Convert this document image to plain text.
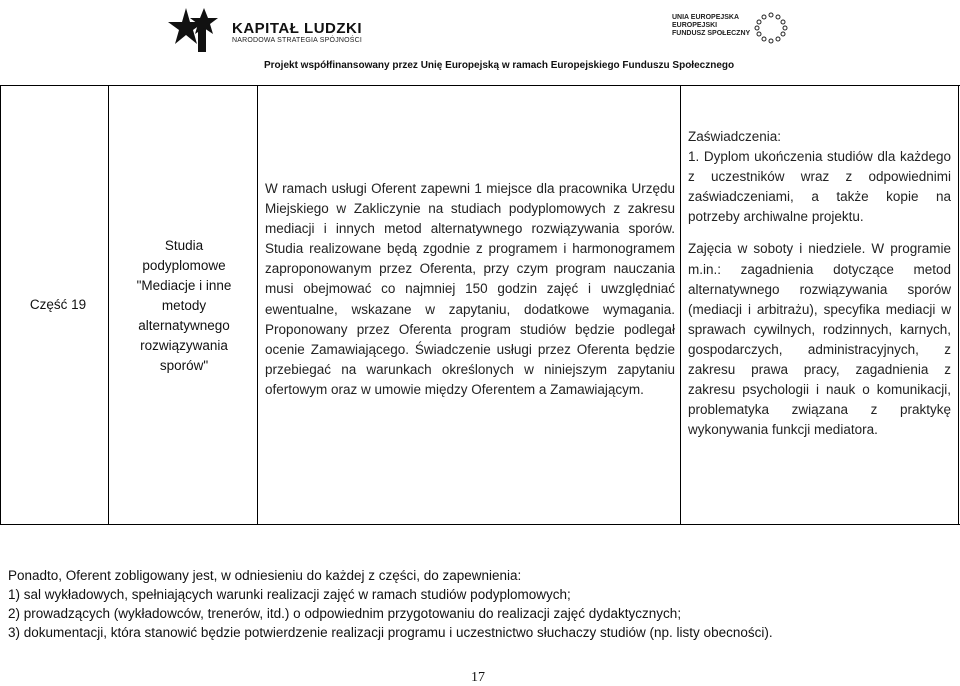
KAPITAŁ LUDZKI
NARODOWA STRATEGIA SPÓJNOŚCI
UNIA EUROPEJSKA
EUROPEJSKI
FUNDUSZ SPOŁECZNY
Projekt współfinansowany przez Unię Europejską w ramach Europejskiego Funduszu Społecznego
Część 19
Studia podyplomowe "Mediacje i inne metody alternatywnego rozwiązywania sporów"
W ramach usługi Oferent zapewni 1 miejsce dla pracownika Urzędu Miejskiego w Zakliczynie na studiach podyplomowych z zakresu mediacji i innych metod alternatywnego rozwiązywania sporów. Studia realizowane będą zgodnie z programem i harmonogramem zaproponowanym przez Oferenta, przy czym program nauczania musi obejmować co najmniej 150 godzin zajęć i uwzględniać ewentualne, wskazane w zapytaniu, dodatkowe wymagania. Proponowany przez Oferenta program studiów będzie podlegał ocenie Zamawiającego. Świadczenie usługi przez Oferenta będzie przebiegać na warunkach określonych w niniejszym zapytaniu ofertowym oraz w umowie między Oferentem a Zamawiającym.

Zaświadczenia:

1. Dyplom ukończenia studiów dla każdego z uczestników wraz z odpowiednimi zaświadczeniami, a także kopie na potrzeby archiwalne projektu.

Zajęcia w soboty i niedziele. W programie m.in.: zagadnienia dotyczące metod alternatywnego rozwiązywania sporów (mediacji i arbitrażu), specyfika mediacji w sprawach cywilnych, rodzinnych, karnych, gospodarczych, administracyjnych, z zakresu prawa pracy, zagadnienia z zakresu psychologii i nauk o komunikacji, problematyka związana z praktykę wykonywania funkcji mediatora.

Ponadto, Oferent zobligowany jest, w odniesieniu do każdej z części, do zapewnienia:

1) sal wykładowych, spełniających warunki realizacji zajęć w ramach studiów podyplomowych;

2) prowadzących (wykładowców, trenerów, itd.) o odpowiednim przygotowaniu do realizacji zajęć dydaktycznych;

3) dokumentacji, która stanowić będzie potwierdzenie realizacji programu i uczestnictwo słuchaczy studiów (np. listy obecności).

17
